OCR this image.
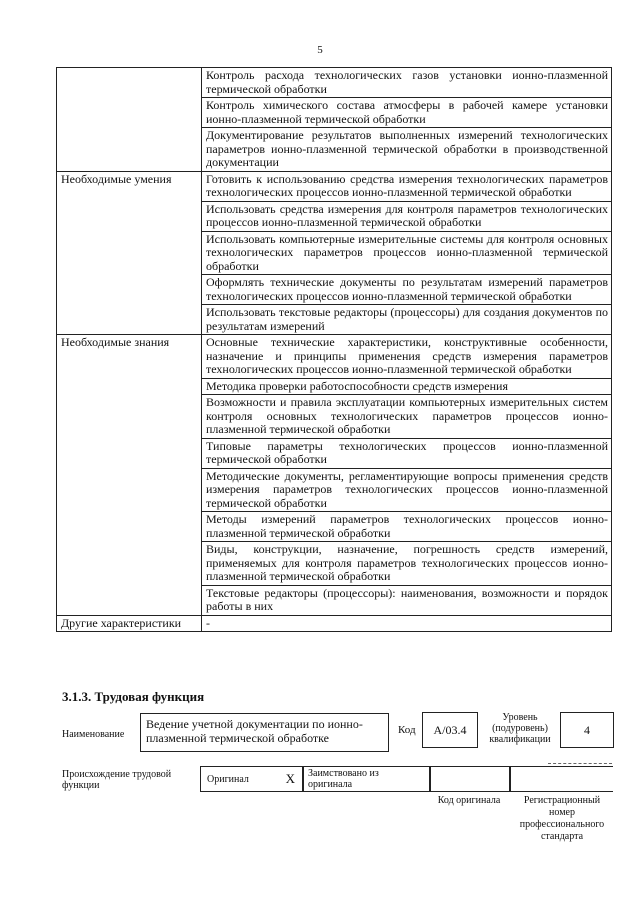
5
	Контроль расхода технологических газов установки ионно-плазменной термической обработки
	Контроль химического состава атмосферы в рабочей камере установки ионно-плазменной термической обработки
	Документирование результатов выполненных измерений технологических параметров ионно-плазменной термической обработки в производственной документации
Необходимые умения	Готовить к использованию средства измерения технологических параметров технологических процессов ионно-плазменной термической обработки
	Использовать средства измерения для контроля параметров технологических процессов ионно-плазменной термической обработки
	Использовать компьютерные измерительные системы для контроля основных технологических параметров процессов ионно-плазменной термической обработки
	Оформлять технические документы по результатам измерений параметров технологических процессов ионно-плазменной термической обработки
	Использовать текстовые редакторы (процессоры) для создания документов по результатам измерений
Необходимые знания	Основные технические характеристики, конструктивные особенности, назначение и принципы применения средств измерения параметров технологических процессов ионно-плазменной термической обработки
	Методика проверки работоспособности средств измерения
	Возможности и правила эксплуатации компьютерных измерительных систем контроля основных технологических параметров процессов ионно-плазменной термической обработки
	Типовые параметры технологических процессов ионно-плазменной термической обработки
	Методические документы, регламентирующие вопросы применения средств измерения параметров технологических процессов ионно-плазменной термической обработки
	Методы измерений параметров технологических процессов ионно-плазменной термической обработки
	Виды, конструкции, назначение, погрешность средств измерений, применяемых для контроля параметров технологических процессов ионно-плазменной термической обработки
	Текстовые редакторы (процессоры): наименования, возможности и порядок работы в них
Другие характеристики	-
3.1.3. Трудовая функция
Наименование
Ведение учетной документации по ионно-плазменной термической обработке
Код	A/03.4
Уровень (подуровень) квалификации
4
Происхождение трудовой функции
Оригинал	X Заимствовано из оригинала
Код оригинала	Регистрационный номер профессионального стандарта
